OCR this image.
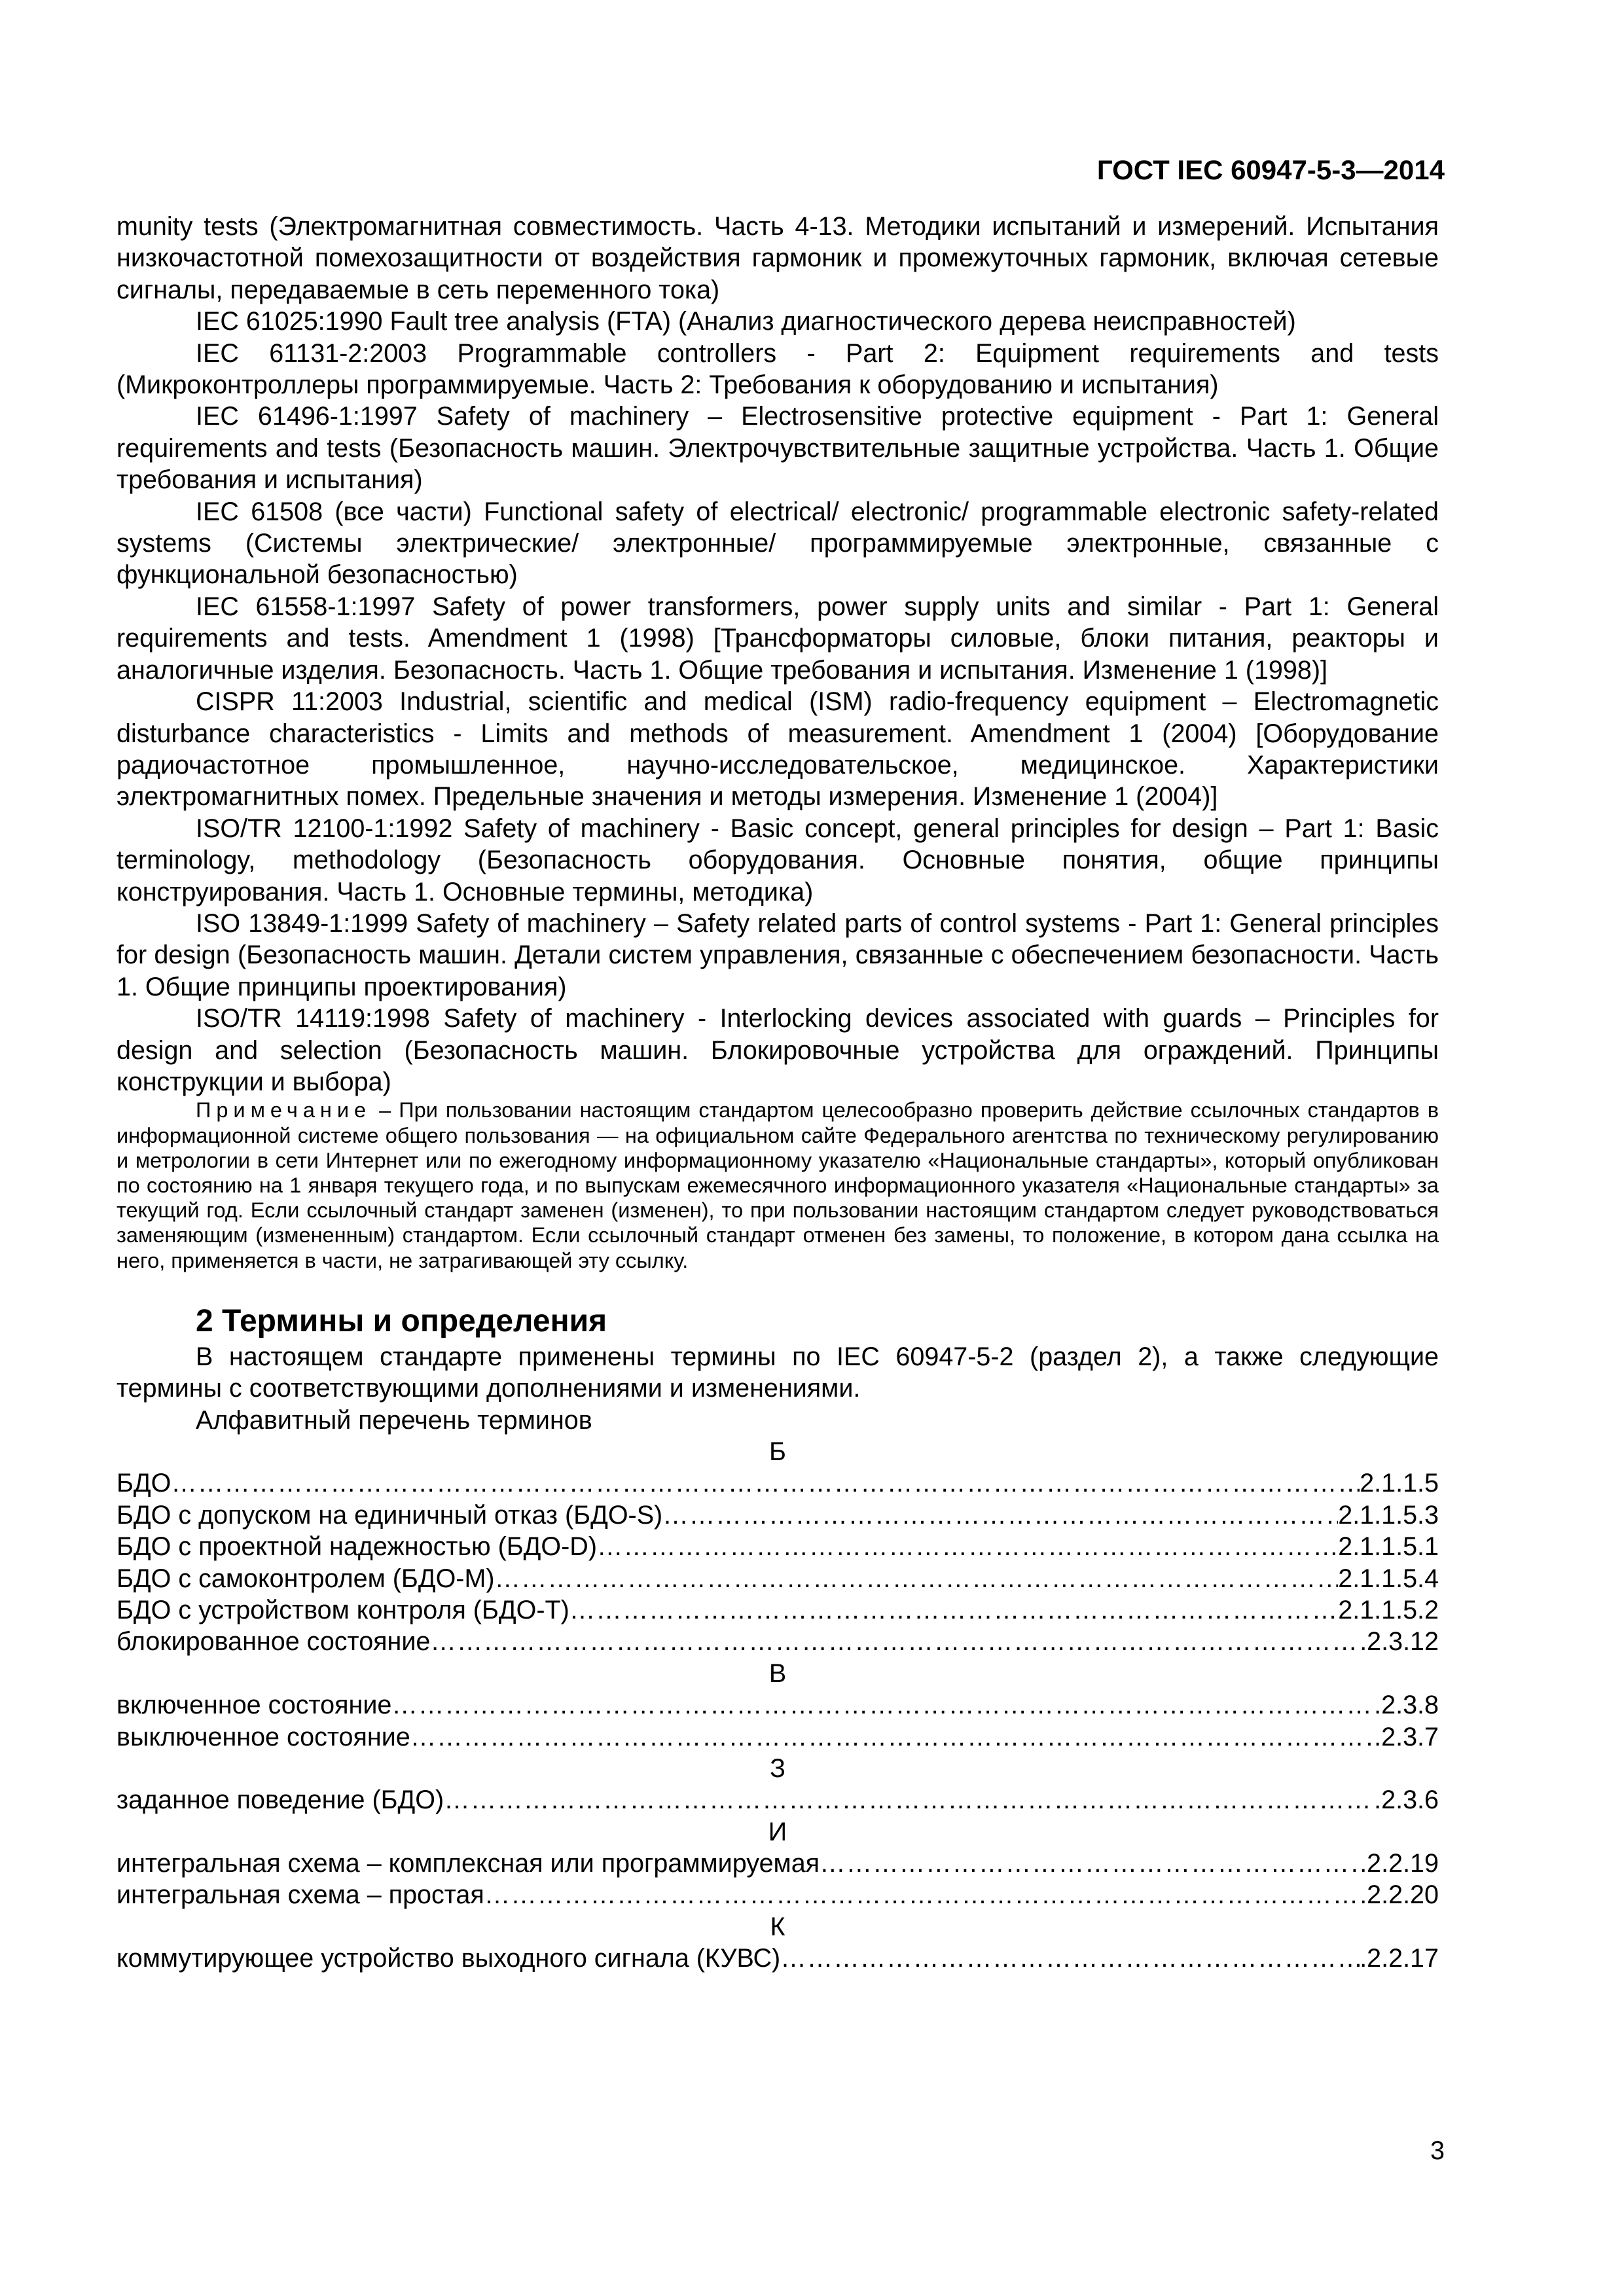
ГОСТ IEC 60947-5-3—2014

munity tests (Электромагнитная совместимость. Часть 4-13. Методики испытаний и измерений. Испытания низкочастотной помехозащитности от воздействия гармоник и промежуточных гармоник, включая сетевые сигналы, передаваемые в сеть переменного тока)

IEC 61025:1990 Fault tree analysis (FTA) (Анализ диагностического дерева неисправностей)

IEC 61131-2:2003 Programmable controllers - Part 2: Equipment requirements and tests (Микроконтроллеры программируемые. Часть 2: Требования к оборудованию и испытания)

IEC 61496-1:1997 Safety of machinery – Electrosensitive protective equipment - Part 1: General requirements and tests (Безопасность машин. Электрочувствительные защитные устройства. Часть 1. Общие требования и испытания)

IEC 61508 (все части) Functional safety of electrical/ electronic/ programmable electronic safety-related systems (Системы электрические/ электронные/ программируемые электронные, связанные с функциональной безопасностью)

IEC 61558-1:1997 Safety of power transformers, power supply units and similar - Part 1: General requirements and tests. Amendment 1 (1998) [Трансформаторы силовые, блоки питания, реакторы и аналогичные изделия. Безопасность. Часть 1. Общие требования и испытания. Изменение 1 (1998)]

CISPR 11:2003 Industrial, scientific and medical (ISM) radio-frequency equipment – Electromagnetic disturbance characteristics - Limits and methods of measurement. Amendment 1 (2004) [Оборудование радиочастотное промышленное, научно-исследовательское, медицинское. Характеристики электромагнитных помех. Предельные значения и методы измерения. Изменение 1 (2004)]

ISO/TR 12100-1:1992 Safety of machinery - Basic concept, general principles for design – Part 1: Basic terminology, methodology (Безопасность оборудования. Основные понятия, общие принципы конструирования. Часть 1. Основные термины, методика)

ISO 13849-1:1999 Safety of machinery – Safety related parts of control systems - Part 1: General principles for design (Безопасность машин. Детали систем управления, связанные с обеспечением безопасности. Часть 1. Общие принципы проектирования)

ISO/TR 14119:1998 Safety of machinery - Interlocking devices associated with guards – Principles for design and selection (Безопасность машин. Блокировочные устройства для ограждений. Принципы конструкции и выбора)

Примечание – При пользовании настоящим стандартом целесообразно проверить действие ссылочных стандартов в информационной системе общего пользования — на официальном сайте Федерального агентства по техническому регулированию и метрологии в сети Интернет или по ежегодному информационному указателю «Национальные стандарты», который опубликован по состоянию на 1 января текущего года, и по выпускам ежемесячного информационного указателя «Национальные стандарты» за текущий год. Если ссылочный стандарт заменен (изменен), то при пользовании настоящим стандартом следует руководствоваться заменяющим (измененным) стандартом. Если ссылочный стандарт отменен без замены, то положение, в котором дана ссылка на него, применяется в части, не затрагивающей эту ссылку.

2 Термины и определения

В настоящем стандарте применены термины по IEC 60947-5-2 (раздел 2), а также следующие термины с соответствующими дополнениями и изменениями.

Алфавитный перечень терминов

Б
БДО ………………………………………………………………………………………………………………………………………………………………………………………………………………………	2.1.1.5
БДО с допуском на единичный отказ (БДО-S) ………………………………………………………………………………………………………………………………………………………………………………………………………………………	2.1.1.5.3
БДО с проектной надежностью (БДО-D) ………………………………………………………………………………………………………………………………………………………………………………………………………………………	2.1.1.5.1
БДО с самоконтролем (БДО-М) ………………………………………………………………………………………………………………………………………………………………………………………………………………………	2.1.1.5.4
БДО с устройством контроля (БДО-Т) ………………………………………………………………………………………………………………………………………………………………………………………………………………………	2.1.1.5.2
блокированное состояние ………………………………………………………………………………………………………………………………………………………………………………………………………………………	.2.3.12
В
включенное состояние ………………………………………………………………………………………………………………………………………………………………………………………………………………………	.2.3.8
выключенное состояние ………………………………………………………………………………………………………………………………………………………………………………………………………………………	.2.3.7
З
заданное поведение (БДО) ………………………………………………………………………………………………………………………………………………………………………………………………………………………	.2.3.6
И
интегральная схема – комплексная или программируемая ………………………………………………………………………………………………………………………………………………………………………………………………………………………	.2.2.19
интегральная схема – простая ………………………………………………………………………………………………………………………………………………………………………………………………………………………	.2.2.20
К
коммутирующее устройство выходного сигнала (КУВС) ………………………………………………………………………………………………………………………………………………………………………………………………………………………	.2.2.17
3
